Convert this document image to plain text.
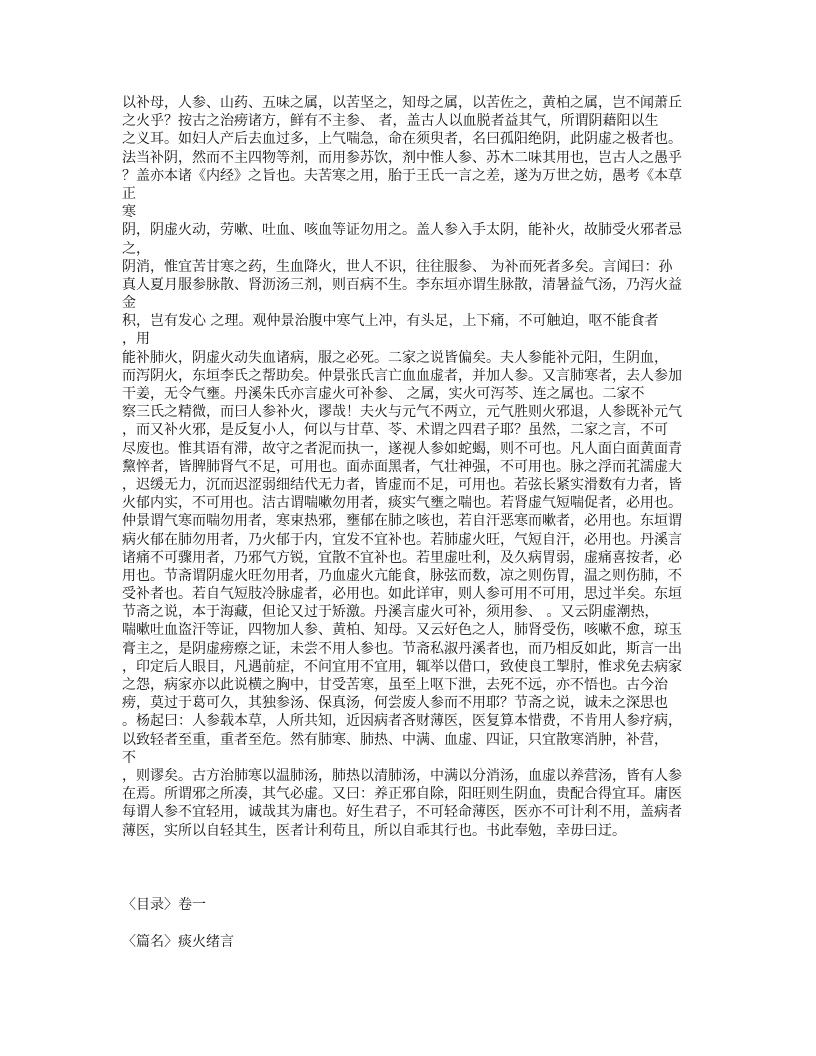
以补母，人参、山药、五味之属，以苦坚之，知母之属，以苦佐之，黄柏之属，岂不闻萧丘
之火乎？按古之治痨诸方，鲜有不主参、 者，盖古人以血脱者益其气，所谓阴藉阳以生
之义耳。如妇人产后去血过多，上气喘急，命在须臾者，名曰孤阳绝阴，此阴虚之极者也。
法当补阴，然而不主四物等剂，而用参苏饮，剂中惟人参、苏木二味其用也，岂古人之愚乎
？盖亦本诸《内经》之旨也。夫苦寒之用，胎于王氏一言之差，遂为万世之妨，愚考《本草
正
寒
阴，阴虚火动，劳嗽、吐血、咳血等证勿用之。盖人参入手太阴，能补火，故肺受火邪者忌
之，
阴消，惟宜苦甘寒之药，生血降火，世人不识，往往服参、 为补而死者多矣。言闻曰：孙
真人夏月服参脉散、肾沥汤三剂，则百病不生。李东垣亦谓生脉散，清暑益气汤，乃泻火益
金
积，岂有发心 之理。观仲景治腹中寒气上冲，有头足，上下痛，不可触迫，呕不能食者
，用
能补肺火，阴虚火动失血诸病，服之必死。二家之说皆偏矣。夫人参能补元阳，生阴血，
而泻阴火，东垣李氏之帮助矣。仲景张氏言亡血血虚者，并加人参。又言肺寒者，去人参加
干姜，无令气壅。丹溪朱氏亦言虚火可补参、 之属，实火可泻芩、连之属也。二家不
察三氏之精微，而曰人参补火，谬哉！夫火与元气不两立，元气胜则火邪退，人参既补元气
，而又补火邪，是反复小人，何以与甘草、苓、术谓之四君子耶？虽然，二家之言，不可
尽废也。惟其语有滞，故守之者泥而执一，遂视人参如蛇蝎，则不可也。凡人面白面黄面青
黧悴者，皆脾肺肾气不足，可用也。面赤面黑者，气壮神强，不可用也。脉之浮而芤濡虚大
，迟缓无力，沉而迟涩弱细结代无力者，皆虚而不足，可用也。若弦长紧实滑数有力者，皆
火郁内实，不可用也。洁古谓喘嗽勿用者，痰实气壅之喘也。若肾虚气短喘促者，必用也。
仲景谓气寒而喘勿用者，寒束热邪，壅郁在肺之咳也，若自汗恶寒而嗽者，必用也。东垣谓
病火郁在肺勿用者，乃火郁于内，宜发不宜补也。若肺虚火旺，气短自汗，必用也。丹溪言
诸痛不可骤用者，乃邪气方锐，宜散不宜补也。若里虚吐利，及久病胃弱，虚痛喜按者，必
用也。节斋谓阴虚火旺勿用者，乃血虚火亢能食，脉弦而数，凉之则伤胃，温之则伤肺，不
受补者也。若自气短肢冷脉虚者，必用也。如此详审，则人参可用不可用，思过半矣。东垣
节斋之说，本于海藏，但论又过于矫激。丹溪言虚火可补，须用参、 。又云阴虚潮热，
喘嗽吐血盗汗等证，四物加人参、黄柏、知母。又云好色之人，肺肾受伤，咳嗽不愈，琼玉
膏主之，是阴虚痨瘵之证，未尝不用人参也。节斋私淑丹溪者也，而乃相反如此，斯言一出
，印定后人眼目，凡遇前症，不问宜用不宜用，辄举以借口，致使良工掣肘，惟求免去病家
之怨，病家亦以此说横之胸中，甘受苦寒，虽至上呕下泄，去死不远，亦不悟也。古今治
痨，莫过于葛可久，其独参汤、保真汤，何尝废人参而不用耶？节斋之说，诚未之深思也
。杨起曰：人参载本草，人所共知，近因病者吝财薄医，医复算本惜费，不肯用人参疗病，
以致轻者至重，重者至危。然有肺寒、肺热、中满、血虚、四证，只宜散寒消肿，补营，
不
，则谬矣。古方治肺寒以温肺汤，肺热以清肺汤，中满以分消汤，血虚以养营汤，皆有人参
在焉。所谓邪之所凑，其气必虚。又曰：养正邪自除，阳旺则生阴血，贵配合得宜耳。庸医
每谓人参不宜轻用，诚哉其为庸也。好生君子，不可轻命薄医，医亦不可计利不用，盖病者
薄医，实所以自轻其生，医者计利苟且，所以自乖其行也。书此奉勉，幸毋曰迂。
〈目录〉卷一
〈篇名〉痰火绪言
